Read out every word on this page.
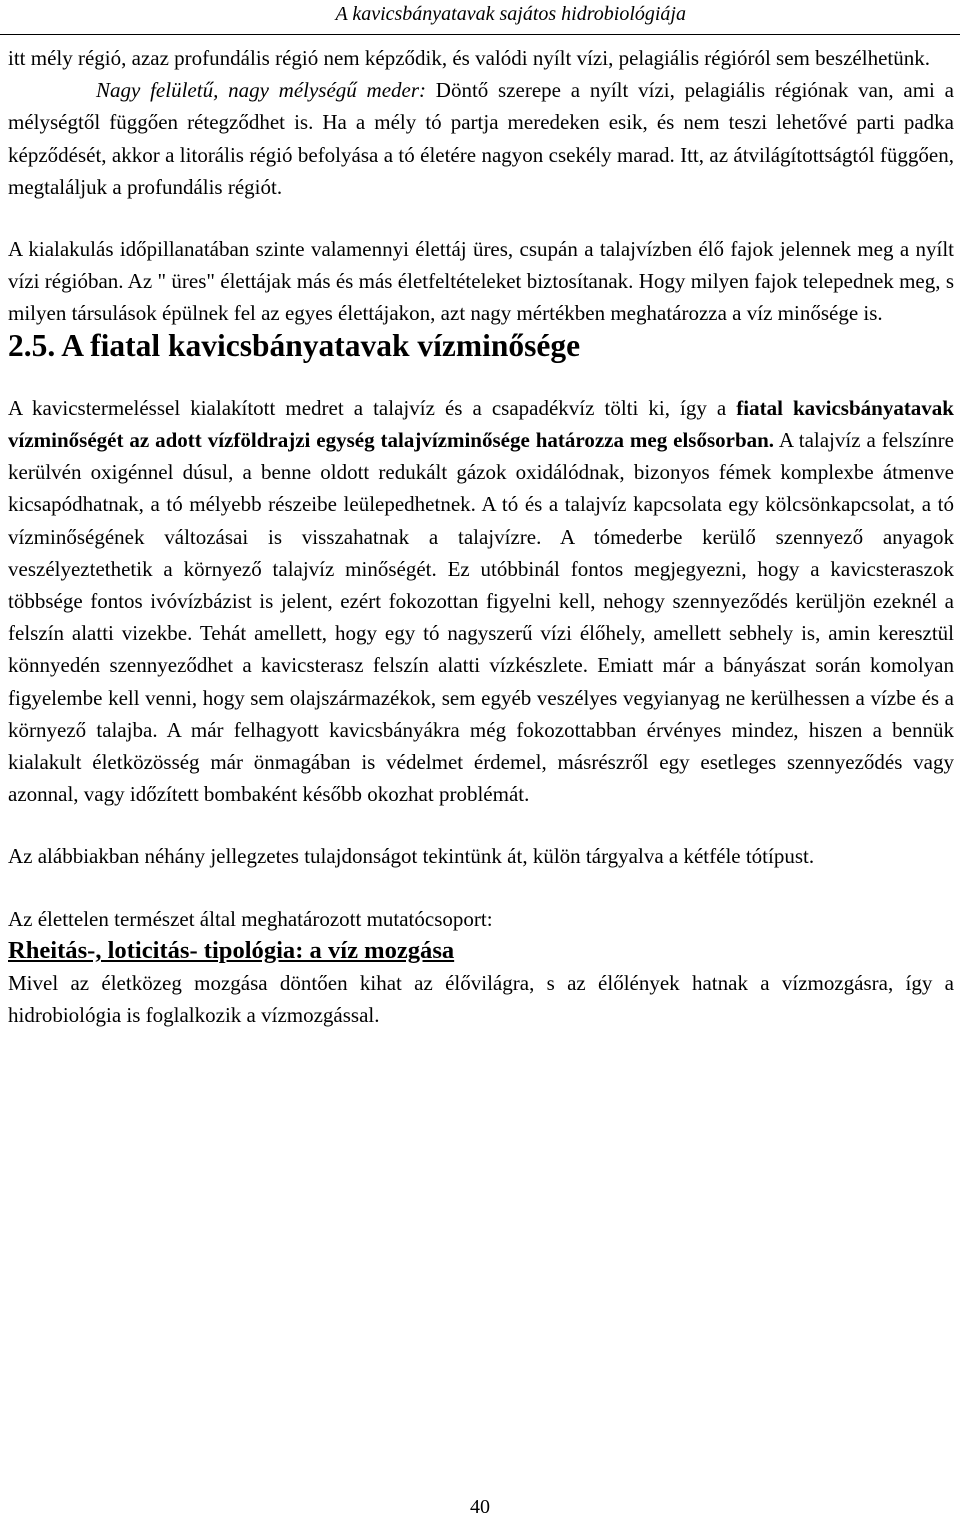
A kavicsbányatavak sajátos hidrobiológiája

itt mély régió, azaz profundális régió nem képződik, és valódi nyílt vízi, pelagiális régióról sem beszélhetünk.

Nagy felületű, nagy mélységű meder: Döntő szerepe a nyílt vízi, pelagiális régiónak van, ami a mélységtől függően rétegződhet is. Ha a mély tó partja meredeken esik, és nem teszi lehetővé parti padka képződését, akkor a litorális régió befolyása a tó életére nagyon csekély marad. Itt, az átvilágítottságtól függően, megtaláljuk a profundális régiót.

A kialakulás időpillanatában szinte valamennyi élettáj üres, csupán a talajvízben élő fajok jelennek meg a nyílt vízi régióban. Az " üres" élettájak más és más életfeltételeket biztosítanak. Hogy milyen fajok telepednek meg, s milyen társulások épülnek fel az egyes élettájakon, azt nagy mértékben meghatározza a víz minősége is.

2.5. A fiatal kavicsbányatavak vízminősége

A kavicstermeléssel kialakított medret a talajvíz és a csapadékvíz tölti ki, így a fiatal kavicsbányatavak vízminőségét az adott vízföldrajzi egység talajvízminősége határozza meg elsősorban. A talajvíz a felszínre kerülvén oxigénnel dúsul, a benne oldott redukált gázok oxidálódnak, bizonyos fémek komplexbe átmenve kicsapódhatnak, a tó mélyebb részeibe leülepedhetnek. A tó és a talajvíz kapcsolata egy kölcsönkapcsolat, a tó vízminőségének változásai is visszahatnak a talajvízre. A tómederbe kerülő szennyező anyagok veszélyeztethetik a környező talajvíz minőségét. Ez utóbbinál fontos megjegyezni, hogy a kavicsteraszok többsége fontos ivóvízbázist is jelent, ezért fokozottan figyelni kell, nehogy szennyeződés kerüljön ezeknél a felszín alatti vizekbe. Tehát amellett, hogy egy tó nagyszerű vízi élőhely, amellett sebhely is, amin keresztül könnyedén szennyeződhet a kavicsterasz felszín alatti vízkészlete. Emiatt már a bányászat során komolyan figyelembe kell venni, hogy sem olajszármazékok, sem egyéb veszélyes vegyianyag ne kerülhessen a vízbe és a környező talajba. A már felhagyott kavicsbányákra még fokozottabban érvényes mindez, hiszen a bennük kialakult életközösség már önmagában is védelmet érdemel, másrészről egy esetleges szennyeződés vagy azonnal, vagy időzített bombaként később okozhat problémát.

Az alábbiakban néhány jellegzetes tulajdonságot tekintünk át, külön tárgyalva a kétféle tótípust.

Az élettelen természet által meghatározott mutatócsoport:

Rheitás-, loticitás- tipológia: a víz mozgása

Mivel az életközeg mozgása döntően kihat az élővilágra, s az élőlények hatnak a vízmozgásra, így a hidrobiológia is foglalkozik a vízmozgással.

40
